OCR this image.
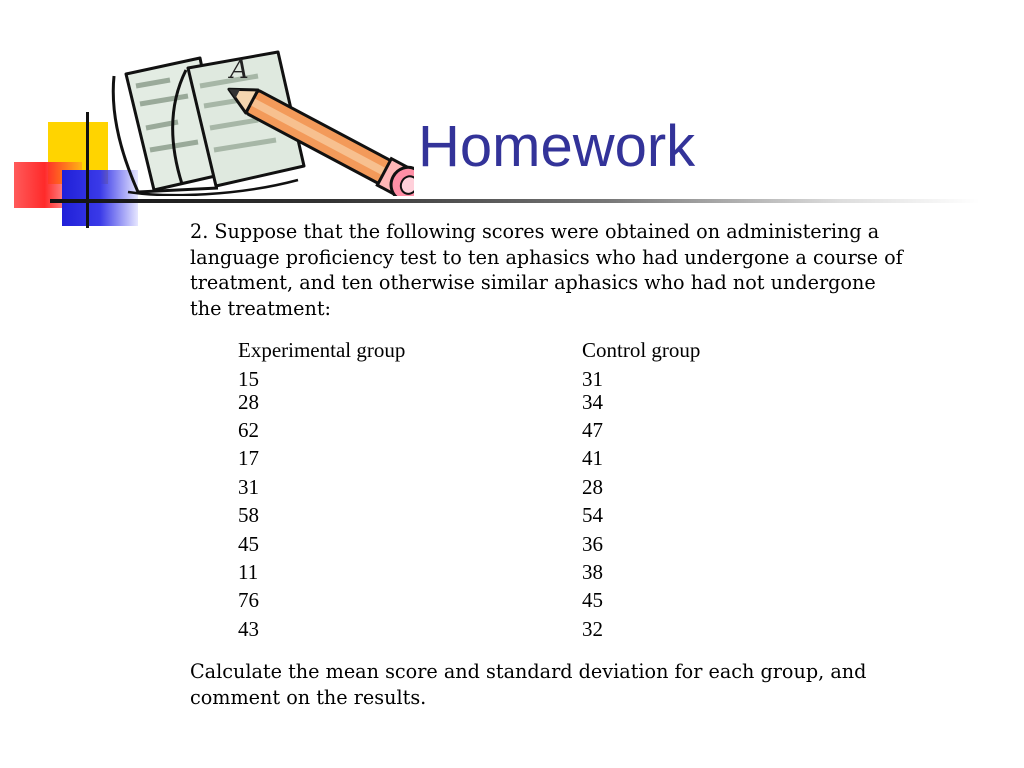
A
Homework

2. Suppose that the following scores were obtained on administering a language proficiency test to ten aphasics who had undergone a course of treatment, and ten otherwise similar aphasics who had not undergone the treatment:

Experimental group
15
28
62
17
31
58
45
11
76
43
Control group
31
34
47
41
28
54
36
38
45
32

Calculate the mean score and standard deviation for each group, and comment on the results.
